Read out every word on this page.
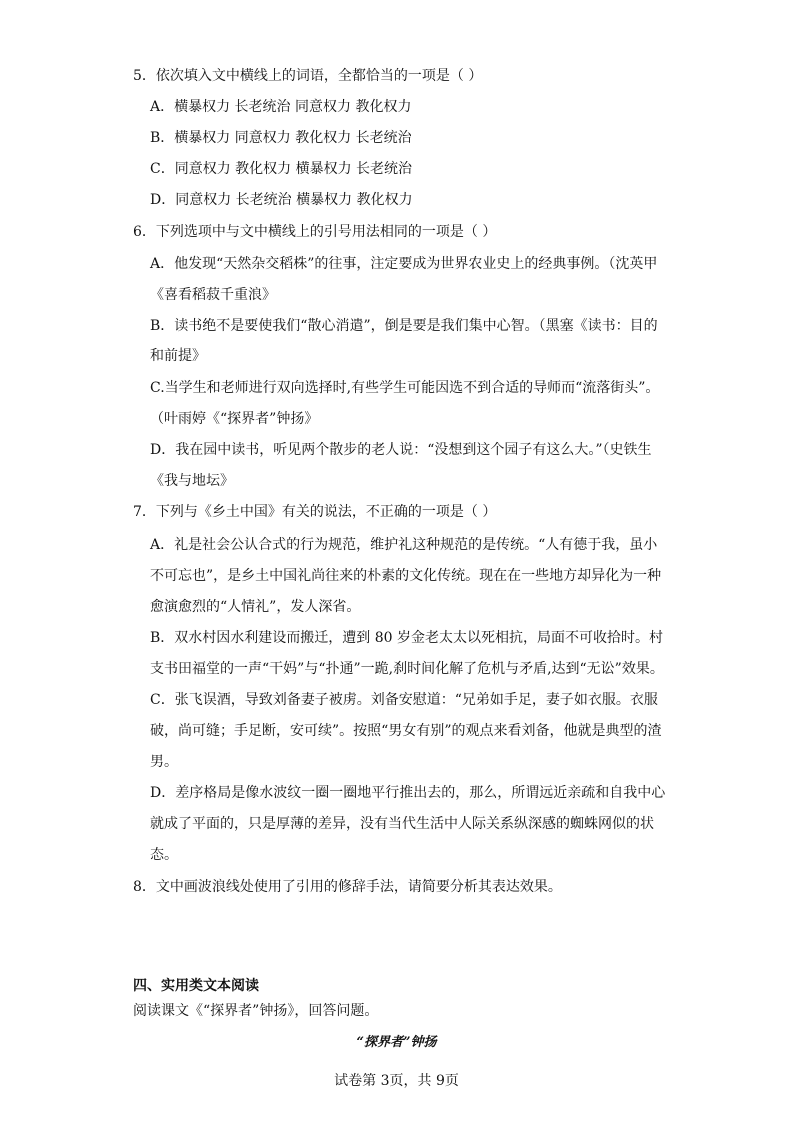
5．依次填入文中横线上的词语，全都恰当的一项是（ ）
A．横暴权力 长老统治 同意权力 教化权力
B．横暴权力 同意权力 教化权力 长老统治
C．同意权力 教化权力 横暴权力 长老统治
D．同意权力 长老统治 横暴权力 教化权力
6．下列选项中与文中横线上的引号用法相同的一项是（ ）
A．他发现“天然杂交稻株”的往事，注定要成为世界农业史上的经典事例。（沈英甲
《喜看稻菽千重浪》
B．读书绝不是要使我们“散心消遣”，倒是要是我们集中心智。（黑塞《读书：目的
和前提》
C.当学生和老师进行双向选择时,有些学生可能因选不到合适的导师而“流落街头”。
（叶雨婷《“探界者”钟扬》
D．我在园中读书，听见两个散步的老人说：“没想到这个园子有这么大。”（史铁生
《我与地坛》
7．下列与《乡土中国》有关的说法，不正确的一项是（ ）
A．礼是社会公认合式的行为规范，维护礼这种规范的是传统。“人有德于我，虽小
不可忘也”，是乡土中国礼尚往来的朴素的文化传统。现在在一些地方却异化为一种
愈演愈烈的“人情礼”，发人深省。
B．双水村因水利建设而搬迁，遭到 80 岁金老太太以死相抗，局面不可收拾时。村
支书田福堂的一声“干妈”与“扑通”一跪,刹时间化解了危机与矛盾,达到“无讼”效果。
C．张飞误酒，导致刘备妻子被虏。刘备安慰道：“兄弟如手足，妻子如衣服。衣服
破，尚可缝；手足断，安可续”。按照“男女有别”的观点来看刘备，他就是典型的渣
男。
D．差序格局是像水波纹一圈一圈地平行推出去的，那么，所谓远近亲疏和自我中心
就成了平面的，只是厚薄的差异，没有当代生活中人际关系纵深感的蜘蛛网似的状
态。
8．文中画波浪线处使用了引用的修辞手法，请简要分析其表达效果。
四、实用类文本阅读
阅读课文《“探界者”钟扬》，回答问题。
“探界者”钟扬
试卷第 3页，共 9页
